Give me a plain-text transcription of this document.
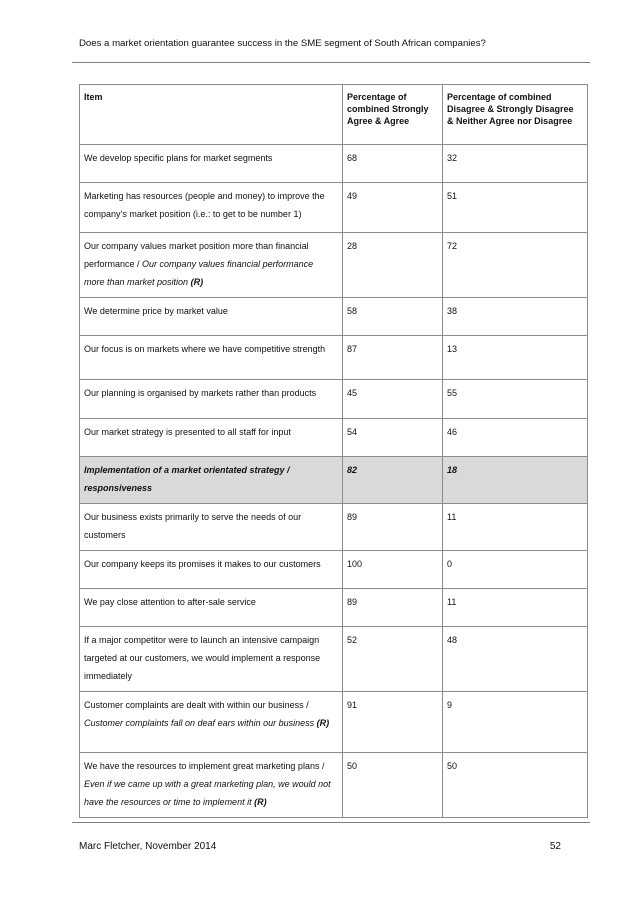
Does a market orientation guarantee success in the SME segment of South African companies?
Item	Percentage of combined Strongly Agree & Agree	Percentage of combined Disagree & Strongly Disagree & Neither Agree nor Disagree
We develop specific plans for market segments	68	32
Marketing has resources (people and money) to improve the company’s market position (i.e.: to get to be number 1)	49	51
Our company values market position more than financial performance / Our company values financial performance more than market position (R)	28	72
We determine price by market value	58	38
Our focus is on markets where we have competitive strength	87	13
Our planning is organised by markets rather than products	45	55
Our market strategy is presented to all staff for input	54	46
Implementation of a market orientated strategy / responsiveness	82	18
Our business exists primarily to serve the needs of our customers	89	11
Our company keeps its promises it makes to our customers	100	0
We pay close attention to after-sale service	89	11
If a major competitor were to launch an intensive campaign targeted at our customers, we would implement a response immediately	52	48
Customer complaints are dealt with within our business / Customer complaints fall on deaf ears within our business (R)	91	9
We have the resources to implement great marketing plans / Even if we came up with a great marketing plan, we would not have the resources or time to implement it (R)	50	50
Marc Fletcher, November 2014	52
